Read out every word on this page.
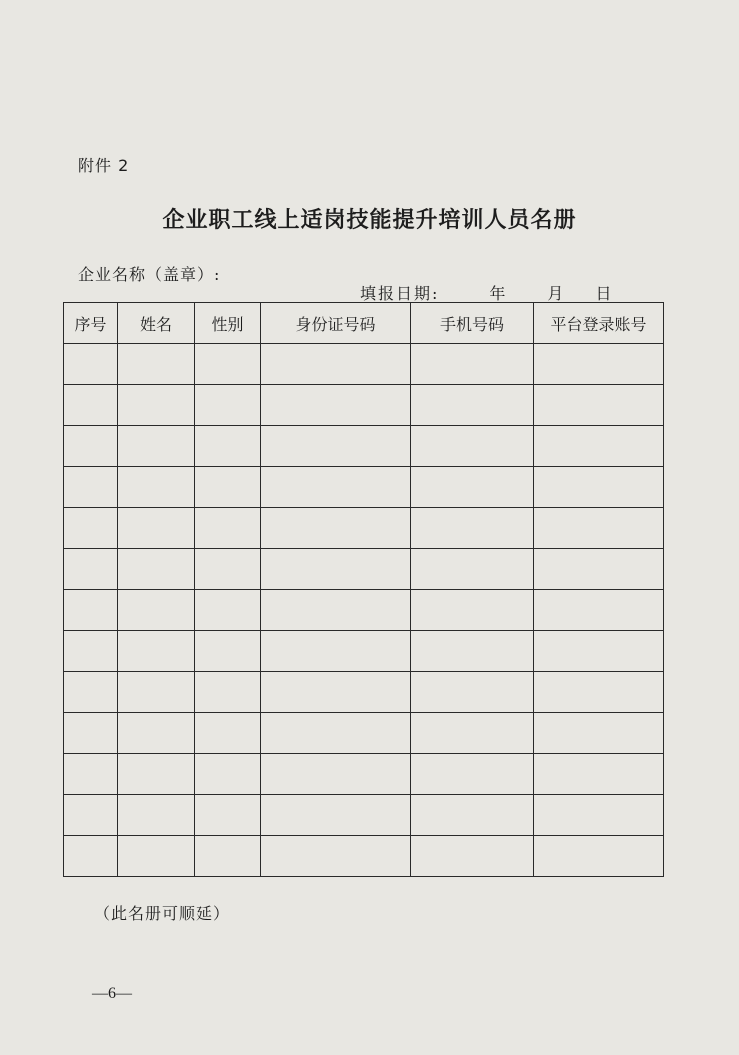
附件 2
企业职工线上适岗技能提升培训人员名册
企业名称（盖章）:
填报日期:	年	月 日
序号	姓名	性别	身份证号码	手机号码	平台登录账号

（此名册可顺延）
—6—
